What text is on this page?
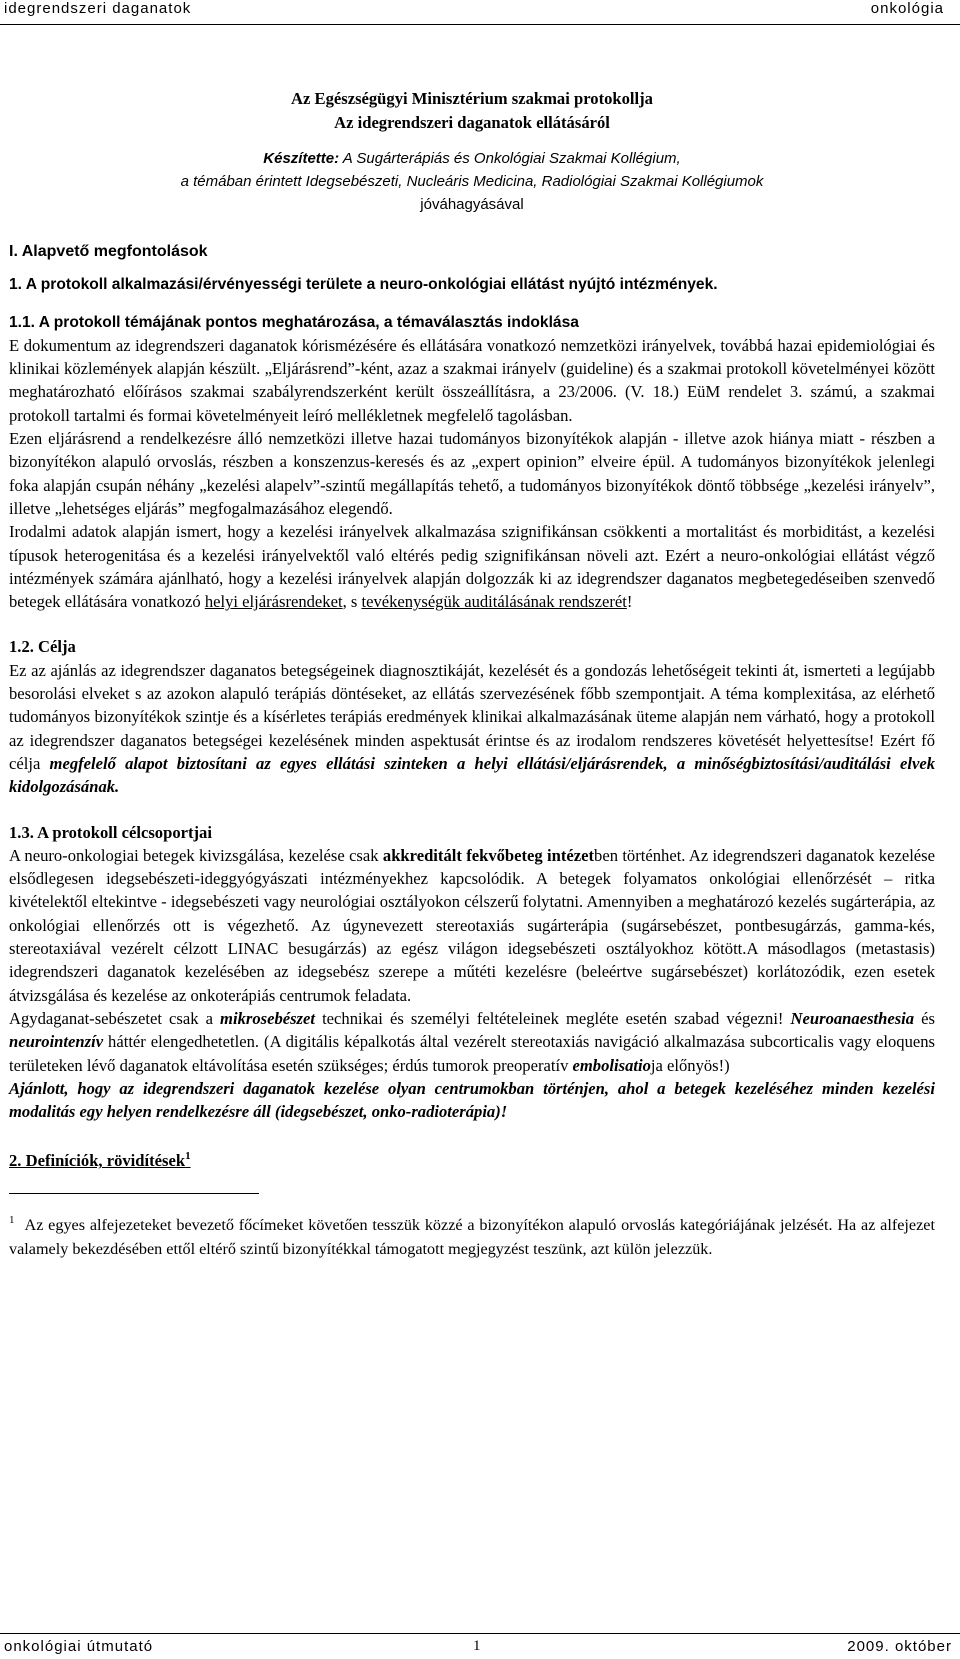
idegrendszeri daganatok	onkológia
Az Egészségügyi Minisztérium szakmai protokollja
Az idegrendszeri daganatok ellátásáról
Készítette: A Sugárterápiás és Onkológiai Szakmai Kollégium,
a témában érintett Idegsebészeti, Nucleáris Medicina, Radiológiai Szakmai Kollégiumok
jóváhagyásával
I. Alapvető megfontolások
1. A protokoll alkalmazási/érvényességi területe a neuro-onkológiai ellátást nyújtó intézmények.
1.1. A protokoll témájának pontos meghatározása, a témaválasztás indoklása

E dokumentum az idegrendszeri daganatok kórismézésére és ellátására vonatkozó nemzetközi irányelvek, továbbá hazai epidemiológiai és klinikai közlemények alapján készült. „Eljárásrend”-ként, azaz a szakmai irányelv (guideline) és a szakmai protokoll követelményei között meghatározható előírásos szakmai szabályrendszerként került összeállításra, a 23/2006. (V. 18.) EüM rendelet 3. számú, a szakmai protokoll tartalmi és formai követelményeit leíró mellékletnek megfelelő tagolásban.

Ezen eljárásrend a rendelkezésre álló nemzetközi illetve hazai tudományos bizonyítékok alapján - illetve azok hiánya miatt - részben a bizonyítékon alapuló orvoslás, részben a konszenzus-keresés és az „expert opinion” elveire épül. A tudományos bizonyítékok jelenlegi foka alapján csupán néhány „kezelési alapelv”-szintű megállapítás tehető, a tudományos bizonyítékok döntő többsége „kezelési irányelv”, illetve „lehetséges eljárás” megfogalmazásához elegendő.

Irodalmi adatok alapján ismert, hogy a kezelési irányelvek alkalmazása szignifikánsan csökkenti a mortalitást és morbiditást, a kezelési típusok heterogenitása és a kezelési irányelvektől való eltérés pedig szignifikánsan növeli azt. Ezért a neuro-onkológiai ellátást végző intézmények számára ajánlható, hogy a kezelési irányelvek alapján dolgozzák ki az idegrendszer daganatos megbetegedéseiben szenvedő betegek ellátására vonatkozó helyi eljárásrendeket, s tevékenységük auditálásának rendszerét!

1.2. Célja

Ez az ajánlás az idegrendszer daganatos betegségeinek diagnosztikáját, kezelését és a gondozás lehetőségeit tekinti át, ismerteti a legújabb besorolási elveket s az azokon alapuló terápiás döntéseket, az ellátás szervezésének főbb szempontjait. A téma komplexitása, az elérhető tudományos bizonyítékok szintje és a kísérletes terápiás eredmények klinikai alkalmazásának üteme alapján nem várható, hogy a protokoll az idegrendszer daganatos betegségei kezelésének minden aspektusát érintse és az irodalom rendszeres követését helyettesítse! Ezért fő célja megfelelő alapot biztosítani az egyes ellátási szinteken a helyi ellátási/eljárásrendek, a minőségbiztosítási/auditálási elvek kidolgozásának.

1.3. A protokoll célcsoportjai

A neuro-onkologiai betegek kivizsgálása, kezelése csak akkreditált fekvőbeteg intézetben történhet. Az idegrendszeri daganatok kezelése elsődlegesen idegsebészeti-ideggyógyászati intézményekhez kapcsolódik. A betegek folyamatos onkológiai ellenőrzését – ritka kivételektől eltekintve - idegsebészeti vagy neurológiai osztályokon célszerű folytatni. Amennyiben a meghatározó kezelés sugárterápia, az onkológiai ellenőrzés ott is végezhető. Az úgynevezett stereotaxiás sugárterápia (sugársebészet, pontbesugárzás, gamma-kés, stereotaxiával vezérelt célzott LINAC besugárzás) az egész világon idegsebészeti osztályokhoz kötött.A másodlagos (metastasis) idegrendszeri daganatok kezelésében az idegsebész szerepe a műtéti kezelésre (beleértve sugársebészet) korlátozódik, ezen esetek átvizsgálása és kezelése az onkoterápiás centrumok feladata.

Agydaganat-sebészetet csak a mikrosebészet technikai és személyi feltételeinek megléte esetén szabad végezni! Neuroanaesthesia és neurointenzív háttér elengedhetetlen. (A digitális képalkotás által vezérelt stereotaxiás navigáció alkalmazása subcorticalis vagy eloquens területeken lévő daganatok eltávolítása esetén szükséges; érdús tumorok preoperatív embolisatioja előnyös!)

Ajánlott, hogy az idegrendszeri daganatok kezelése olyan centrumokban történjen, ahol a betegek kezeléséhez minden kezelési modalitás egy helyen rendelkezésre áll (idegsebészet, onko-radioterápia)!

2. Definíciók, rövidítések$^1$

$^1$ Az egyes alfejezeteket bevezető főcímeket követően tesszük közzé a bizonyítékon alapuló orvoslás kategóriájának jelzését. Ha az alfejezet valamely bekezdésében ettől eltérő szintű bizonyítékkal támogatott megjegyzést teszünk, azt külön jelezzük.

onkológiai útmutató	1	2009. október
